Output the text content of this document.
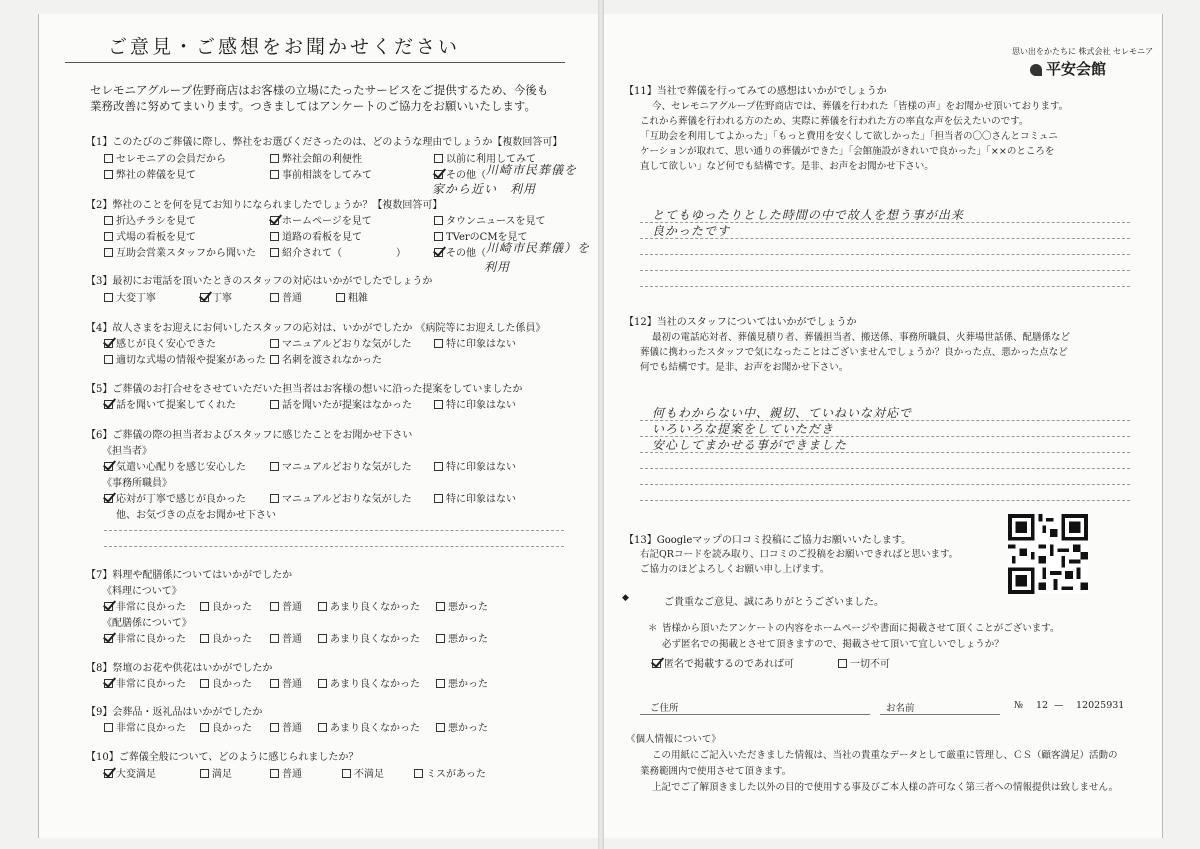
ご意見・ご感想をお聞かせください
セレモニアグループ佐野商店はお客様の立場にたったサービスをご提供するため、今後も
業務改善に努めてまいります。つきましてはアンケートのご協力をお願いいたします。
【1】このたびのご葬儀に際し、弊社をお選びくださったのは、どのような理由でしょうか【複数回答可】
セレモニアの会員だから	弊社会館の利便性	以前に利用してみて
弊社の葬儀を見て	事前相談をしてみて	その他（ 川崎市民葬儀を
家から近い　利用
【2】弊社のことを何を見てお知りになられましたでしょうか？【複数回答可】
折込チラシを見て	ホームページを見て	タウンニュースを見て
式場の看板を見て	道路の看板を見て	TVerのCMを見て
互助会営業スタッフから聞いた	紹介されて（	）	その他（ 川崎市民葬儀）を
利用
【3】最初にお電話を頂いたときのスタッフの対応はいかがでしたでしょうか
大変丁寧	丁寧	普通	粗雑
【4】故人さまをお迎えにお伺いしたスタッフの応対は、いかがでしたか 《病院等にお迎えした係員》
感じが良く安心できた	マニュアルどおりな気がした	特に印象はない
適切な式場の情報や提案があった	名刺を渡されなかった
【5】ご葬儀のお打合せをさせていただいた担当者はお客様の想いに沿った提案をしていましたか
話を聞いて提案してくれた	話を聞いたが提案はなかった	特に印象はない
【6】ご葬儀の際の担当者およびスタッフに感じたことをお聞かせ下さい
《担当者》
気遣い心配りを感じ安心した	マニュアルどおりな気がした	特に印象はない
《事務所職員》
応対が丁寧で感じが良かった	マニュアルどおりな気がした	特に印象はない
他、お気づきの点をお聞かせ下さい
【7】料理や配膳係についてはいかがでしたか
《料理について》
非常に良かった	良かった	普通	あまり良くなかった	悪かった
《配膳係について》
非常に良かった	良かった	普通	あまり良くなかった	悪かった
【8】祭壇のお花や供花はいかがでしたか
非常に良かった	良かった	普通	あまり良くなかった	悪かった
【9】会葬品・返礼品はいかがでしたか
非常に良かった	良かった	普通	あまり良くなかった	悪かった
【10】ご葬儀全般について、どのように感じられましたか？
大変満足	満足	普通	不満足	ミスがあった
思い出をかたちに 株式会社 セレモニア
平安会館
【11】当社で葬儀を行ってみての感想はいかがでしょうか
今、セレモニアグループ佐野商店では、葬儀を行われた「皆様の声」をお聞かせ頂いております。
これから葬儀を行われる方のため、実際に葬儀を行われた方の率直な声を伝えたいのです。
「互助会を利用してよかった」「もっと費用を安くして欲しかった」「担当者の〇〇さんとコミュニ
ケーションが取れて、思い通りの葬儀ができた」「会館施設がきれいで良かった」「××のところを
直して欲しい」など何でも結構です。是非、お声をお聞かせ下さい。
とてもゆったりとした時間の中で故人を想う事が出来
良かったです
【12】当社のスタッフについてはいかがでしょうか
最初の電話応対者、葬儀見積り者、葬儀担当者、搬送係、事務所職員、火葬場世話係、配膳係など
葬儀に携わったスタッフで気になったことはございませんでしょうか？良かった点、悪かった点など
何でも結構です。是非、お声をお聞かせ下さい。
何もわからない中、親切、ていねいな対応で
いろいろな提案をしていただき
安心してまかせる事ができました
【13】Googleマップの口コミ投稿にご協力お願いいたします。
右記QRコードを読み取り、口コミのご投稿をお願いできればと思います。
ご協力のほどよろしくお願い申し上げます。
◆	ご貴重なご意見、誠にありがとうございました。
＊ 皆様から頂いたアンケートの内容をホームページや書面に掲載させて頂くことがございます。
必ず匿名での掲載とさせて頂きますので、掲載させて頂いて宜しいでしょうか？
匿名で掲載するのであれば可	一切不可
ご住所	お名前	№ 12 — 12025931
《個人情報について》
この用紙にご記入いただきました情報は、当社の貴重なデータとして厳重に管理し、ＣＳ（顧客満足）活動の
業務範囲内で使用させて頂きます。
上記でご了解頂きました以外の目的で使用する事及びご本人様の許可なく第三者への情報提供は致しません。
